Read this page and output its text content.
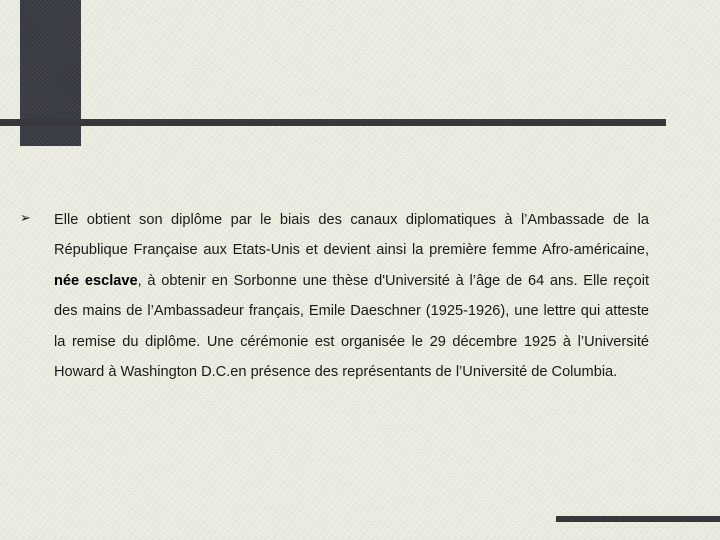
➢ Elle obtient son diplôme par le biais des canaux diplomatiques à l’Ambassade de la République Française aux Etats-Unis et devient ainsi la première femme Afro-américaine, née esclave, à obtenir en Sorbonne une thèse d'Université à l’âge de 64 ans. Elle reçoit des mains de l’Ambassadeur français, Emile Daeschner (1925-1926), une lettre qui atteste la remise du diplôme. Une cérémonie est organisée le 29 décembre 1925 à l’Université Howard à Washington D.C.en présence des représentants de l’Université de Columbia.
